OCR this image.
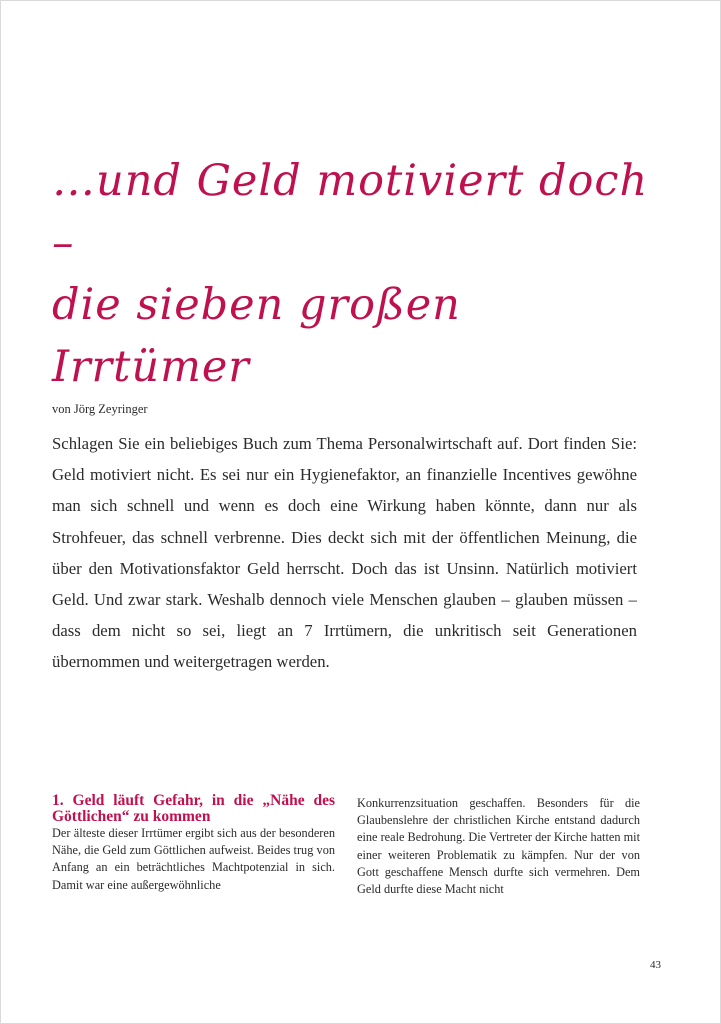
…und Geld motiviert doch –
die sieben großen Irrtümer
von Jörg Zeyringer

Schlagen Sie ein beliebiges Buch zum Thema Personalwirtschaft auf. Dort finden Sie: Geld motiviert nicht. Es sei nur ein Hygienefaktor, an finanzielle Incentives gewöhne man sich schnell und wenn es doch eine Wirkung haben könnte, dann nur als Strohfeuer, das schnell verbrenne. Dies deckt sich mit der öffentlichen Meinung, die über den Motivationsfaktor Geld herrscht. Doch das ist Unsinn. Natürlich motiviert Geld. Und zwar stark. Weshalb dennoch viele Menschen glauben – glauben müssen – dass dem nicht so sei, liegt an 7 Irrtümern, die unkritisch seit Generationen übernommen und weitergetragen werden.

1. Geld läuft Gefahr, in die „Nähe des Göttlichen“ zu kommen

Der älteste dieser Irrtümer ergibt sich aus der besonderen Nähe, die Geld zum Göttlichen aufweist. Beides trug von Anfang an ein beträchtliches Machtpotenzial in sich. Damit war eine außergewöhnliche

Konkurrenzsituation geschaffen. Besonders für die Glaubenslehre der christlichen Kirche entstand dadurch eine reale Bedrohung. Die Vertreter der Kirche hatten mit einer weiteren Problematik zu kämpfen. Nur der von Gott geschaffene Mensch durfte sich vermehren. Dem Geld durfte diese Macht nicht

43
